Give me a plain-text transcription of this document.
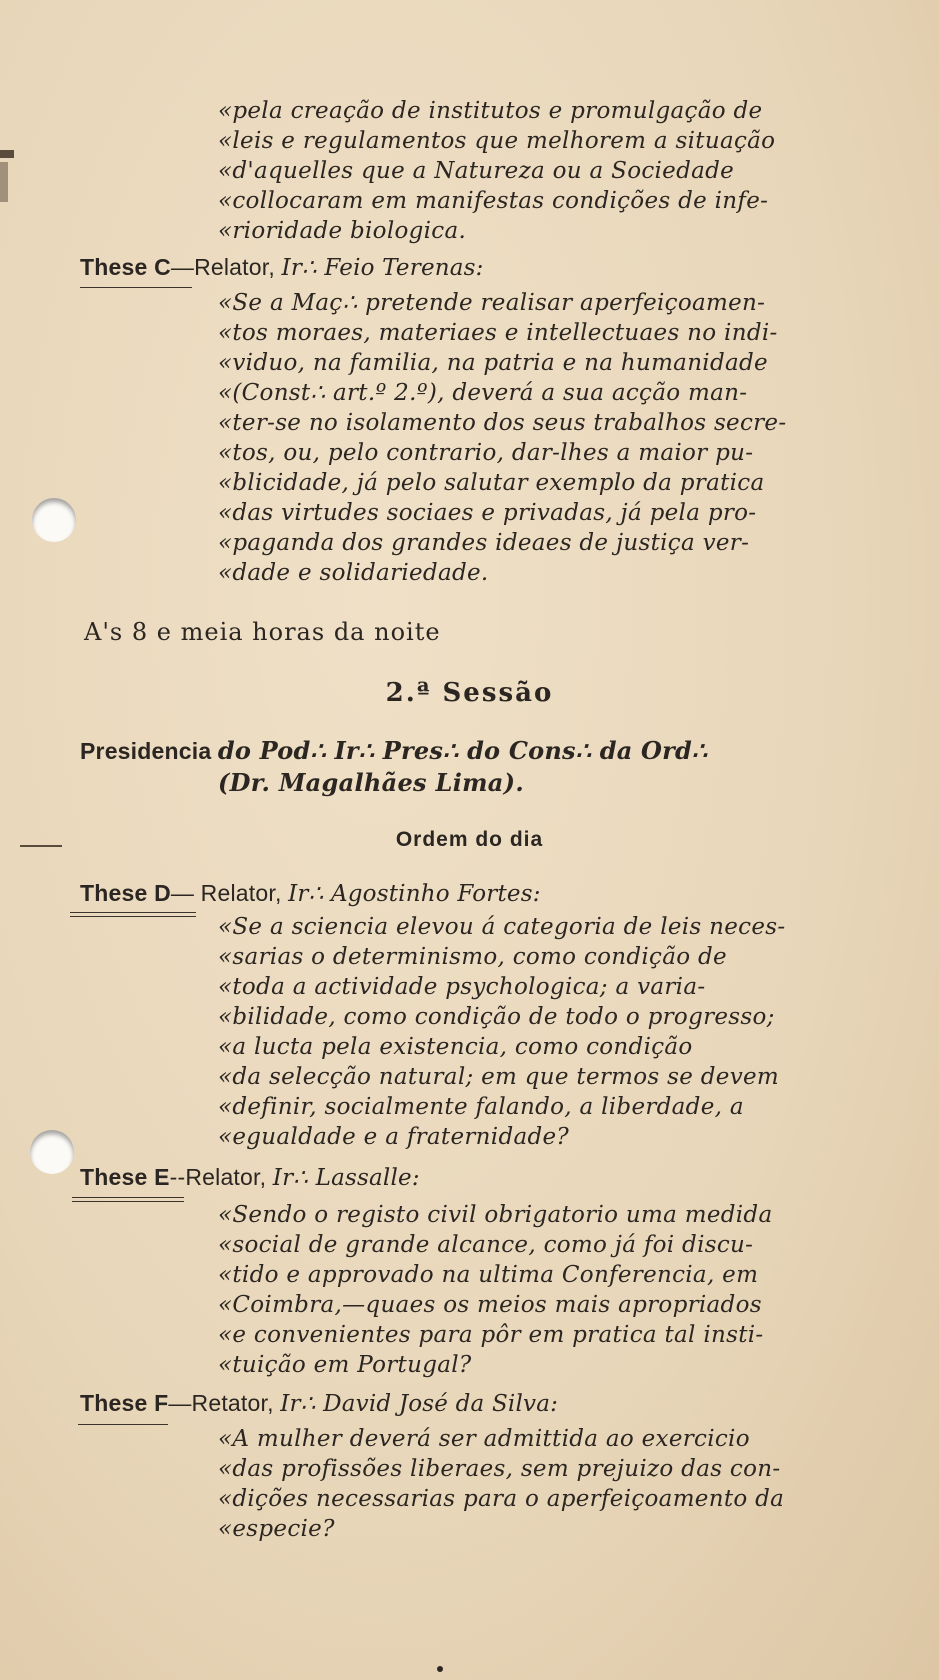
«pela creação de institutos e promulgação de
«leis e regulamentos que melhorem a situação
«d'aquelles que a Natureza ou a Sociedade
«collocaram em manifestas condições de infe-
«rioridade biologica.
These C—Relator, Ir∴ Feio Terenas:
«Se a Maç∴ pretende realisar aperfeiçoamen-
«tos moraes, materiaes e intellectuaes no indi-
«viduo, na familia, na patria e na humanidade
«(Const∴ art.º 2.º), deverá a sua acção man-
«ter-se no isolamento dos seus trabalhos secre-
«tos, ou, pelo contrario, dar-lhes a maior pu-
«blicidade, já pelo salutar exemplo da pratica
«das virtudes sociaes e privadas, já pela pro-
«paganda dos grandes ideaes de justiça ver-
«dade e solidariedade.
A's 8 e meia horas da noite
2.ª Sessão
Presidencia do Pod∴ Ir∴ Pres∴ do Cons∴ da Ord∴
(Dr. Magalhães Lima).
Ordem do dia
These D— Relator, Ir∴ Agostinho Fortes:
«Se a sciencia elevou á categoria de leis neces-
«sarias o determinismo, como condição de
«toda a actividade psychologica; a varia-
«bilidade, como condição de todo o progresso;
«a lucta pela existencia, como condição
«da selecção natural; em que termos se devem
«definir, socialmente falando, a liberdade, a
«egualdade e a fraternidade?
These E--Relator, Ir∴ Lassalle:
«Sendo o registo civil obrigatorio uma medida
«social de grande alcance, como já foi discu-
«tido e approvado na ultima Conferencia, em
«Coimbra,—quaes os meios mais apropriados
«e convenientes para pôr em pratica tal insti-
«tuição em Portugal?
These F—Retator, Ir∴ David José da Silva:
«A mulher deverá ser admittida ao exercicio
«das profissões liberaes, sem prejuizo das con-
«dições necessarias para o aperfeiçoamento da
«especie?
